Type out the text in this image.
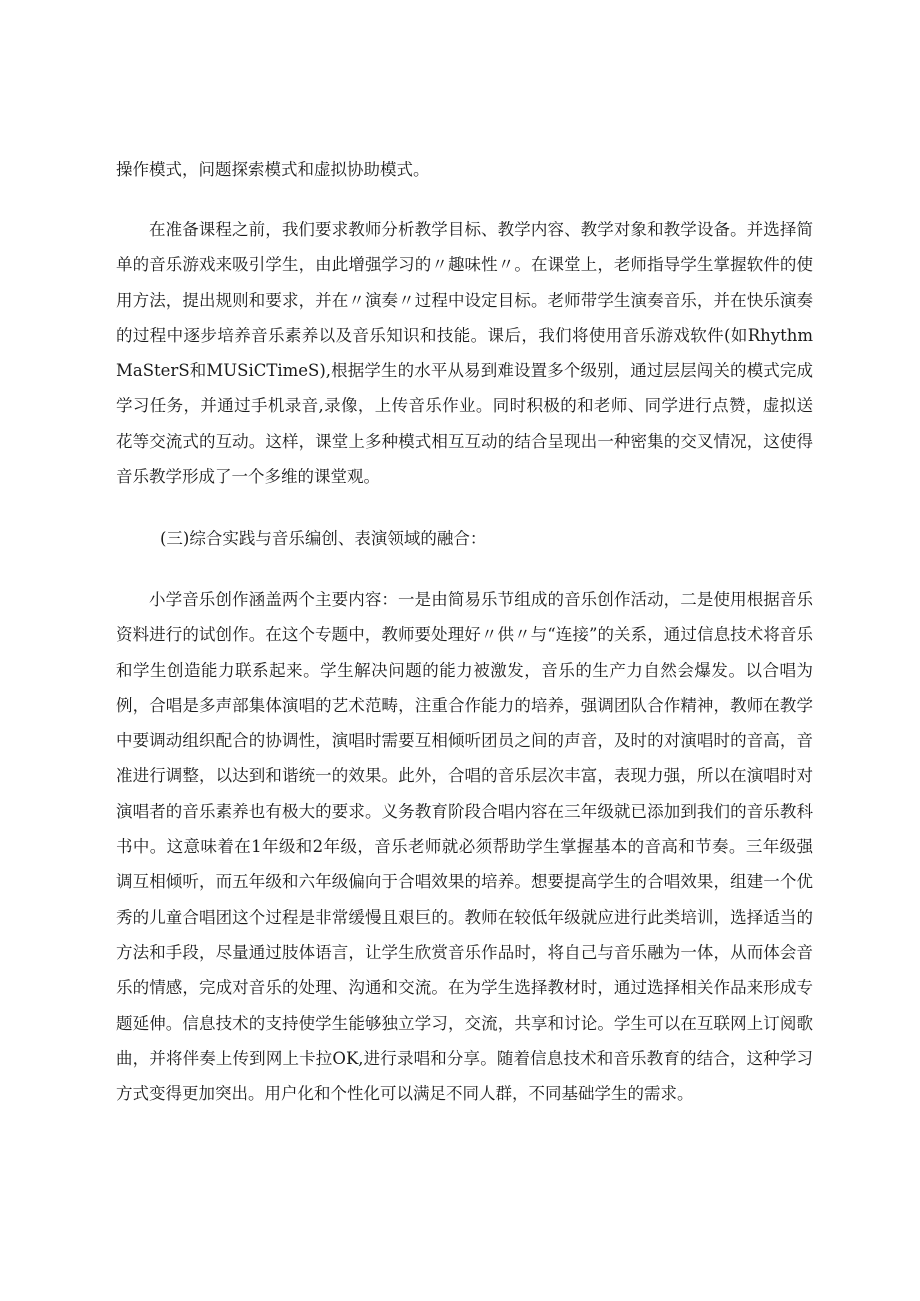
操作模式，问题探索模式和虚拟协助模式。

在准备课程之前，我们要求教师分析教学目标、教学内容、教学对象和教学设备。并选择简单的音乐游戏来吸引学生，由此增强学习的〃趣味性〃。在课堂上，老师指导学生掌握软件的使用方法，提出规则和要求，并在〃演奏〃过程中设定目标。老师带学生演奏音乐，并在快乐演奏的过程中逐步培养音乐素养以及音乐知识和技能。课后，我们将使用音乐游戏软件(如RhythmMaSterS和MUSiCTimeS),根据学生的水平从易到难设置多个级别，通过层层闯关的模式完成学习任务，并通过手机录音,录像，上传音乐作业。同时积极的和老师、同学进行点赞，虚拟送花等交流式的互动。这样，课堂上多种模式相互互动的结合呈现出一种密集的交叉情况，这使得音乐教学形成了一个多维的课堂观。

(三)综合实践与音乐编创、表演领域的融合：

小学音乐创作涵盖两个主要内容：一是由简易乐节组成的音乐创作活动，二是使用根据音乐资料进行的试创作。在这个专题中，教师要处理好〃供〃与“连接”的关系，通过信息技术将音乐和学生创造能力联系起来。学生解决问题的能力被激发，音乐的生产力自然会爆发。以合唱为例，合唱是多声部集体演唱的艺术范畴，注重合作能力的培养，强调团队合作精神，教师在教学中要调动组织配合的协调性，演唱时需要互相倾听团员之间的声音，及时的对演唱时的音高，音准进行调整，以达到和谐统一的效果。此外，合唱的音乐层次丰富，表现力强，所以在演唱时对演唱者的音乐素养也有极大的要求。义务教育阶段合唱内容在三年级就已添加到我们的音乐教科书中。这意味着在1年级和2年级，音乐老师就必须帮助学生掌握基本的音高和节奏。三年级强调互相倾听，而五年级和六年级偏向于合唱效果的培养。想要提高学生的合唱效果，组建一个优秀的儿童合唱团这个过程是非常缓慢且艰巨的。教师在较低年级就应进行此类培训，选择适当的方法和手段，尽量通过肢体语言，让学生欣赏音乐作品时，将自己与音乐融为一体，从而体会音乐的情感，完成对音乐的处理、沟通和交流。在为学生选择教材时，通过选择相关作品来形成专题延伸。信息技术的支持使学生能够独立学习，交流，共享和讨论。学生可以在互联网上订阅歌曲，并将伴奏上传到网上卡拉OK,进行录唱和分享。随着信息技术和音乐教育的结合，这种学习方式变得更加突出。用户化和个性化可以满足不同人群，不同基础学生的需求。
